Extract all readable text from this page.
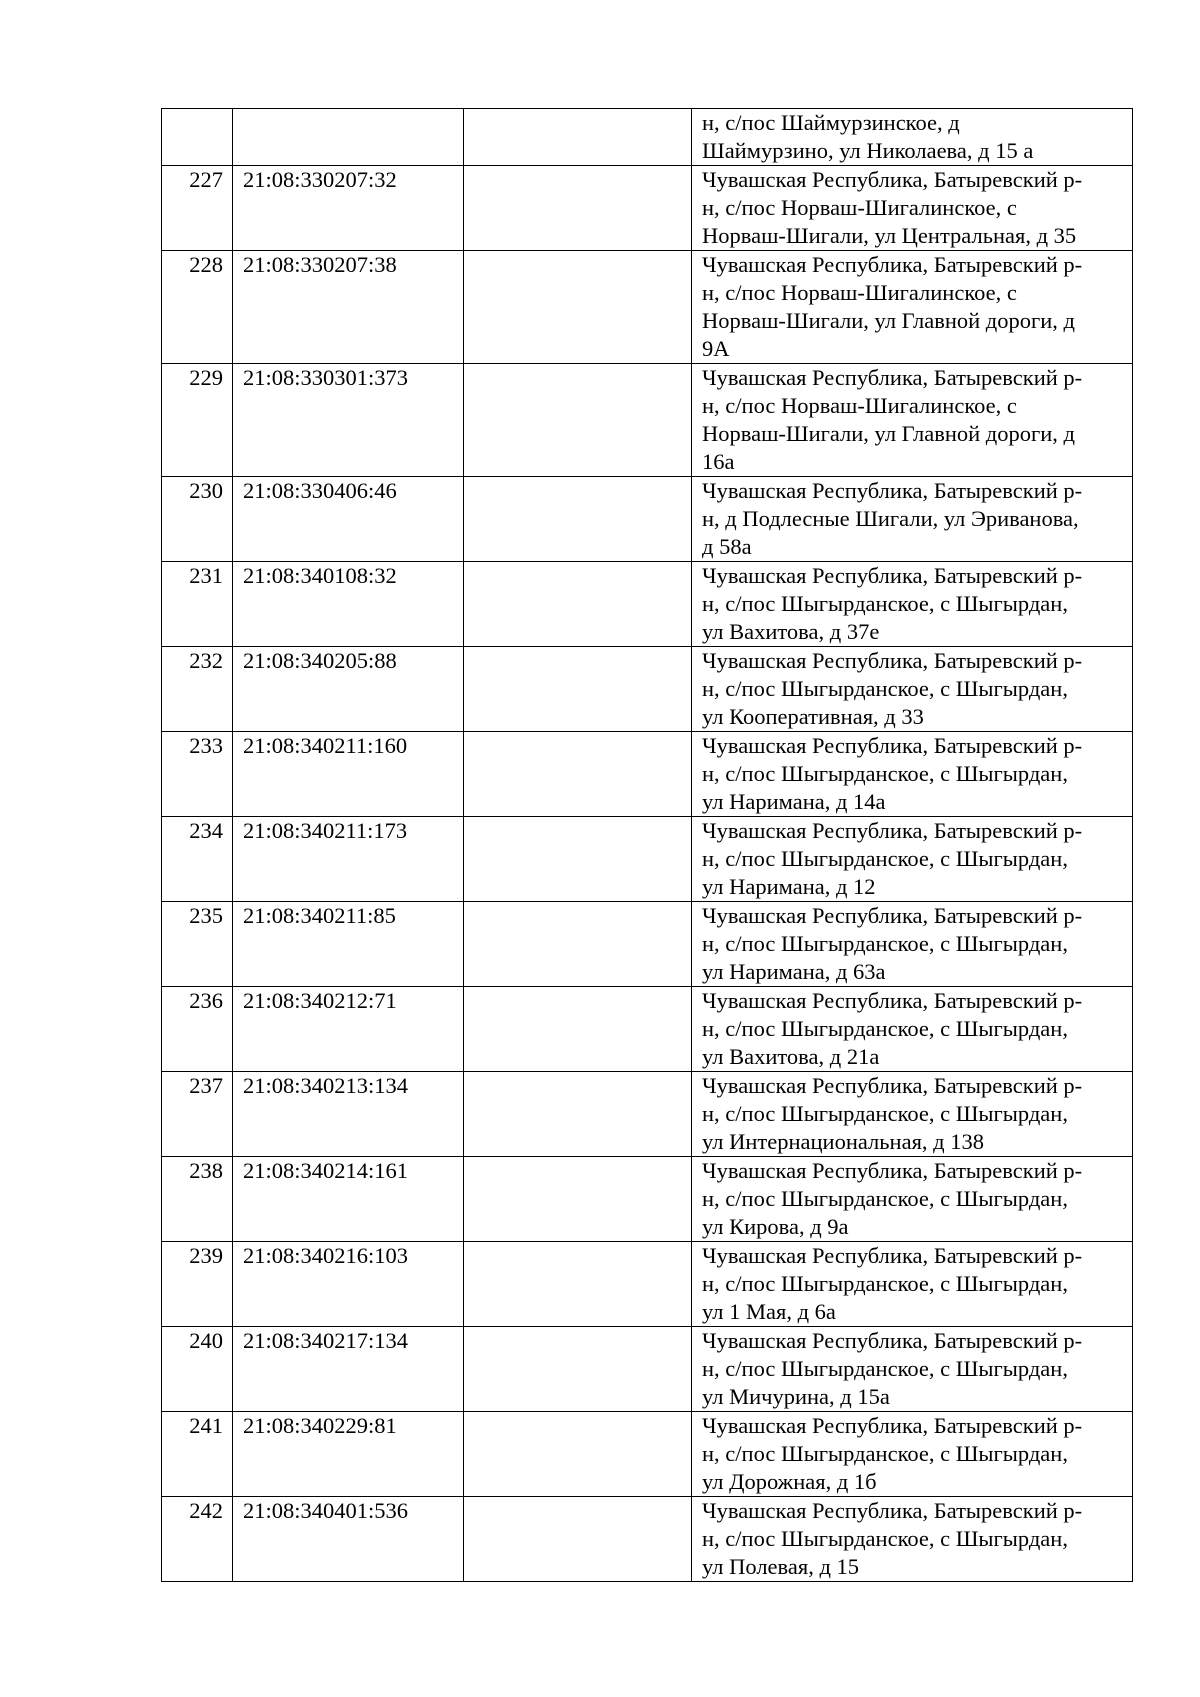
			н, с/пос Шаймурзинское, д
Шаймурзино, ул Николаева, д 15 а

227	21:08:330207:32		Чувашская Республика, Батыревский р-
н, с/пос Норваш-Шигалинское, с
Норваш-Шигали, ул Центральная, д 35

228	21:08:330207:38		Чувашская Республика, Батыревский р-
н, с/пос Норваш-Шигалинское, с
Норваш-Шигали, ул Главной дороги, д
9А

229	21:08:330301:373		Чувашская Республика, Батыревский р-
н, с/пос Норваш-Шигалинское, с
Норваш-Шигали, ул Главной дороги, д
16а

230	21:08:330406:46		Чувашская Республика, Батыревский р-
н, д Подлесные Шигали, ул Эриванова,
д 58а

231	21:08:340108:32		Чувашская Республика, Батыревский р-
н, с/пос Шыгырданское, с Шыгырдан,
ул Вахитова, д 37е

232	21:08:340205:88		Чувашская Республика, Батыревский р-
н, с/пос Шыгырданское, с Шыгырдан,
ул Кооперативная, д 33

233	21:08:340211:160		Чувашская Республика, Батыревский р-
н, с/пос Шыгырданское, с Шыгырдан,
ул Наримана, д 14а

234	21:08:340211:173		Чувашская Республика, Батыревский р-
н, с/пос Шыгырданское, с Шыгырдан,
ул Наримана, д 12

235	21:08:340211:85		Чувашская Республика, Батыревский р-
н, с/пос Шыгырданское, с Шыгырдан,
ул Наримана, д 63а

236	21:08:340212:71		Чувашская Республика, Батыревский р-
н, с/пос Шыгырданское, с Шыгырдан,
ул Вахитова, д 21а

237	21:08:340213:134		Чувашская Республика, Батыревский р-
н, с/пос Шыгырданское, с Шыгырдан,
ул Интернациональная, д 138

238	21:08:340214:161		Чувашская Республика, Батыревский р-
н, с/пос Шыгырданское, с Шыгырдан,
ул Кирова, д 9а

239	21:08:340216:103		Чувашская Республика, Батыревский р-
н, с/пос Шыгырданское, с Шыгырдан,
ул 1 Мая, д 6а

240	21:08:340217:134		Чувашская Республика, Батыревский р-
н, с/пос Шыгырданское, с Шыгырдан,
ул Мичурина, д 15а

241	21:08:340229:81		Чувашская Республика, Батыревский р-
н, с/пос Шыгырданское, с Шыгырдан,
ул Дорожная, д 1б

242	21:08:340401:536		Чувашская Республика, Батыревский р-
н, с/пос Шыгырданское, с Шыгырдан,
ул Полевая, д 15
